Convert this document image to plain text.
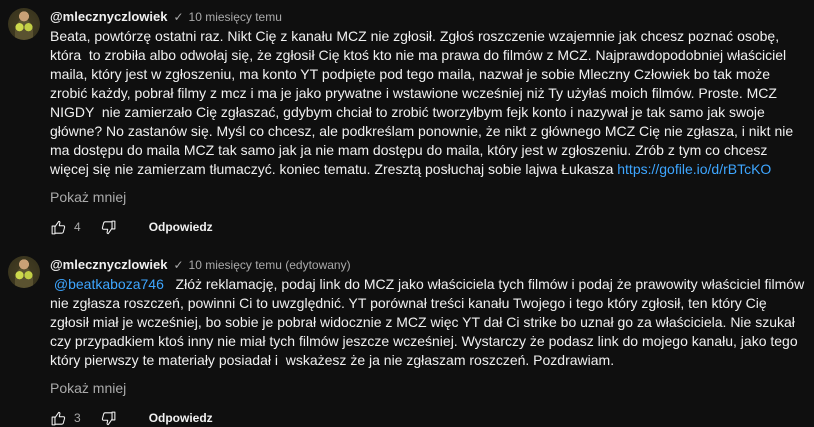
@mlecznyczlowiek ✓ 10 miesięcy temu

Beata, powtórzę ostatni raz. Nikt Cię z kanału MCZ nie zgłosił. Zgłoś roszczenie wzajemnie jak chcesz poznać osobę, która  to zrobiła albo odwołaj się, że zgłosił Cię ktoś kto nie ma prawa do filmów z MCZ. Najprawdopodobniej właściciel maila, który jest w zgłoszeniu, ma konto YT podpięte pod tego maila, nazwał je sobie Mleczny Człowiek bo tak może zrobić każdy, pobrał filmy z mcz i ma je jako prywatne i wstawione wcześniej niż Ty użyłaś moich filmów. Proste. MCZ NIGDY  nie zamierzało Cię zgłaszać, gdybym chciał to zrobić tworzyłbym fejk konto i nazywał je tak samo jak swoje główne? No zastanów się. Myśl co chcesz, ale podkreślam ponownie, że nikt z głównego MCZ Cię nie zgłasza, i nikt nie ma dostępu do maila MCZ tak samo jak ja nie mam dostępu do maila, który jest w zgłoszeniu. Zrób z tym co chcesz więcej się nie zamierzam tłumaczyć. koniec tematu. Zresztą posłuchaj sobie lajwa Łukasza https://gofile.io/d/rBTcKO

Pokaż mniej
4	Odpowiedz
@mlecznyczlowiek ✓ 10 miesięcy temu (edytowany)

@beatkaboza746   Złóż reklamację, podaj link do MCZ jako właściciela tych filmów i podaj że prawowity właściciel filmów nie zgłasza roszczeń, powinni Ci to uwzględnić. YT porównał treści kanału Twojego i tego który zgłosił, ten który Cię zgłosił miał je wcześniej, bo sobie je pobrał widocznie z MCZ więc YT dał Ci strike bo uznał go za właściciela. Nie szukał czy przypadkiem ktoś inny nie miał tych filmów jeszcze wcześniej. Wystarczy że podasz link do mojego kanału, jako tego który pierwszy te materiały posiadał i  wskażesz że ja nie zgłaszam roszczeń. Pozdrawiam.

Pokaż mniej
3	Odpowiedz
